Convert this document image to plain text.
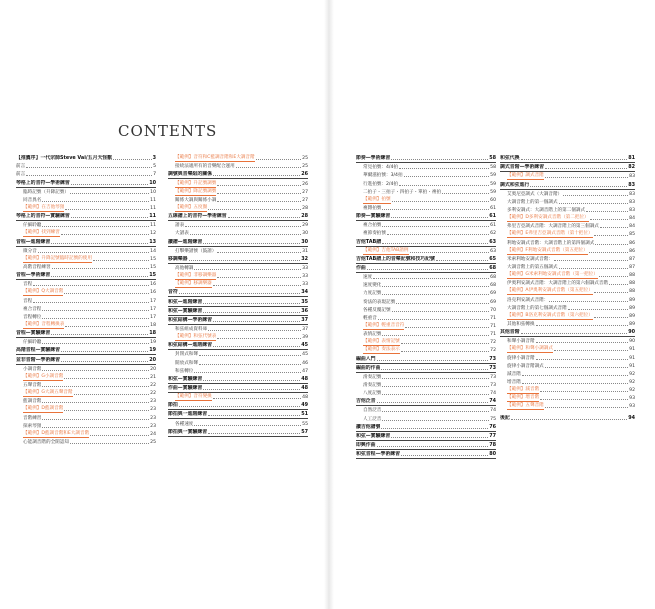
CONTENTS
【推薦序】一代宗師Steve Vai/五月天怪獸	3
前言	5
前言	7
琴格上的音符—學術練習	10
臨時記號（升降記號）	10
同音異名	11
【範例】在吉他琴頸	11
琴格上的音符—實驗練習	11
仔細聆聽	11
【範例】找到練習	12
音程—進階練習	13
微分音	14
【範例】升降記號臨時記號的使用	15
高階音程練習	15
音程—學術練習	15
音程	16
【範例】Q大調音階	16
音程	17
複合音程	17
音程轉位	17
【範例】音程轉換表	18
音程—實驗練習	18
仔細聆聽	19
高階音程—實驗練習	19
並非音階—學術練習	20
小調音階	20
【範例】G小調音階	21
五聲音階	22
【範例】G大調五聲音階	22
藍調音階	23
【範例】D藍調音階	23
音階練習	23
探索琴頸	23
【範例】D藍調音階和E大調音階	24
心能調音階的全開認知	25
【範例】音符和C藍調音階和E大調音階	25
接続法適所有的音樂配合運用	25
調號與音樂組的關係	26
【範例】升記號調號	26
【範例】降記號調號	27
關係大調與關係小調	27
【範例】五度圈	28
五線譜上的音符—學術練習	28
譜表	29
大譜表	30
讀譜—進階練習	30
打擊樂譜號（鼓譜）	31
移調樂器	32
高他轉調	33
【範例】非移調樂器	33
【範例】移調樂器	33
音符	34
和弦—進階練習	35
和弦—實驗練習	36
和弦結構—學術練習	37
和弦組成資料庫	37
【範例】和弦代號表	39
和弦結構—進階練習	45
封閉式和聲	45
開放式和聲	46
和弦轉位	47
和弦—實驗練習	48
作曲—實驗練習	48
【範例】音符變換	48
節拍	49
節拍與一進階練習	51
各種速度	55
節拍與一實驗練習	57
節奏—學術練習	58
常見拍號：4/4拍	58
華爾滋拍號：3/4拍	59
行進拍號：2/4拍	59
二拍子・三拍子・四拍子・單拍・複拍	59
【範例】拍號	60
複雜拍號	61
節奏—實驗練習	61
複合拍號	61
複節奏拍號	62
吉他TAB譜	63
【範例】吉他TAB譜例	63
吉他TAB譜上的音樂記號和技巧記號	65
作曲	68
速度	68
速度變化	68
力度記號	69
奏法的表現記號	69
各種反覆記號	70
輕重音	71
【範例】輕重音音符	71
表情記號	71
【範例】表情記號	72
【範例】奏法表示	72
編曲入門	73
編曲的作曲	73
滑奏記號	73
滑奏記號	73
八度記號	74
吉他泛音	74
自然泛音	74
人工泛音	75
讀吉他譜號	76
和弦—實驗練習	77
即興作曲	78
和弦音程—學術練習	80
和弦代換	81
調式音階—學術練習	82
【範例】調式音階	83
調式和弦進行	83
艾奧尼亞調式（大調音階）	83
大調音階上的第一個調式	83
多利安調式：大調音階上的第二個調式	83
【範例】D多利安調式音階（第二把位）	84
弗里吉亞調式音階：大調音階上的第三個調式	84
【範例】E弗里吉亞調式音階（第十把位）	85
利地安調式音階：大調音階上的第四個調式	86
【範例】F利地安調式音階（第五把位）	86
米索利地安調式音階：	87
大調音階上的第五個調式	87
【範例】G米索利地安調式音階（第一把位）	88
伊奧利安調式音階：大調音階上的第六個調式音階	88
【範例】A伊奧利安調式音階（第五把位）	88
洛克利安調式音階：	89
大調音階上的第七個調式音階	89
【範例】B洛克利安調式音階（第六把位）	89
其他和弦轉換	89
其他音階	90
和聲小調音階	90
【範例】和聲小調調式	91
旋律小調音階	91
旋律小調音階調式	91
減音階	92
增音階	92
【範例】減音階	92
【範例】增音階	93
【範例】五聲音階	93
後記	94
